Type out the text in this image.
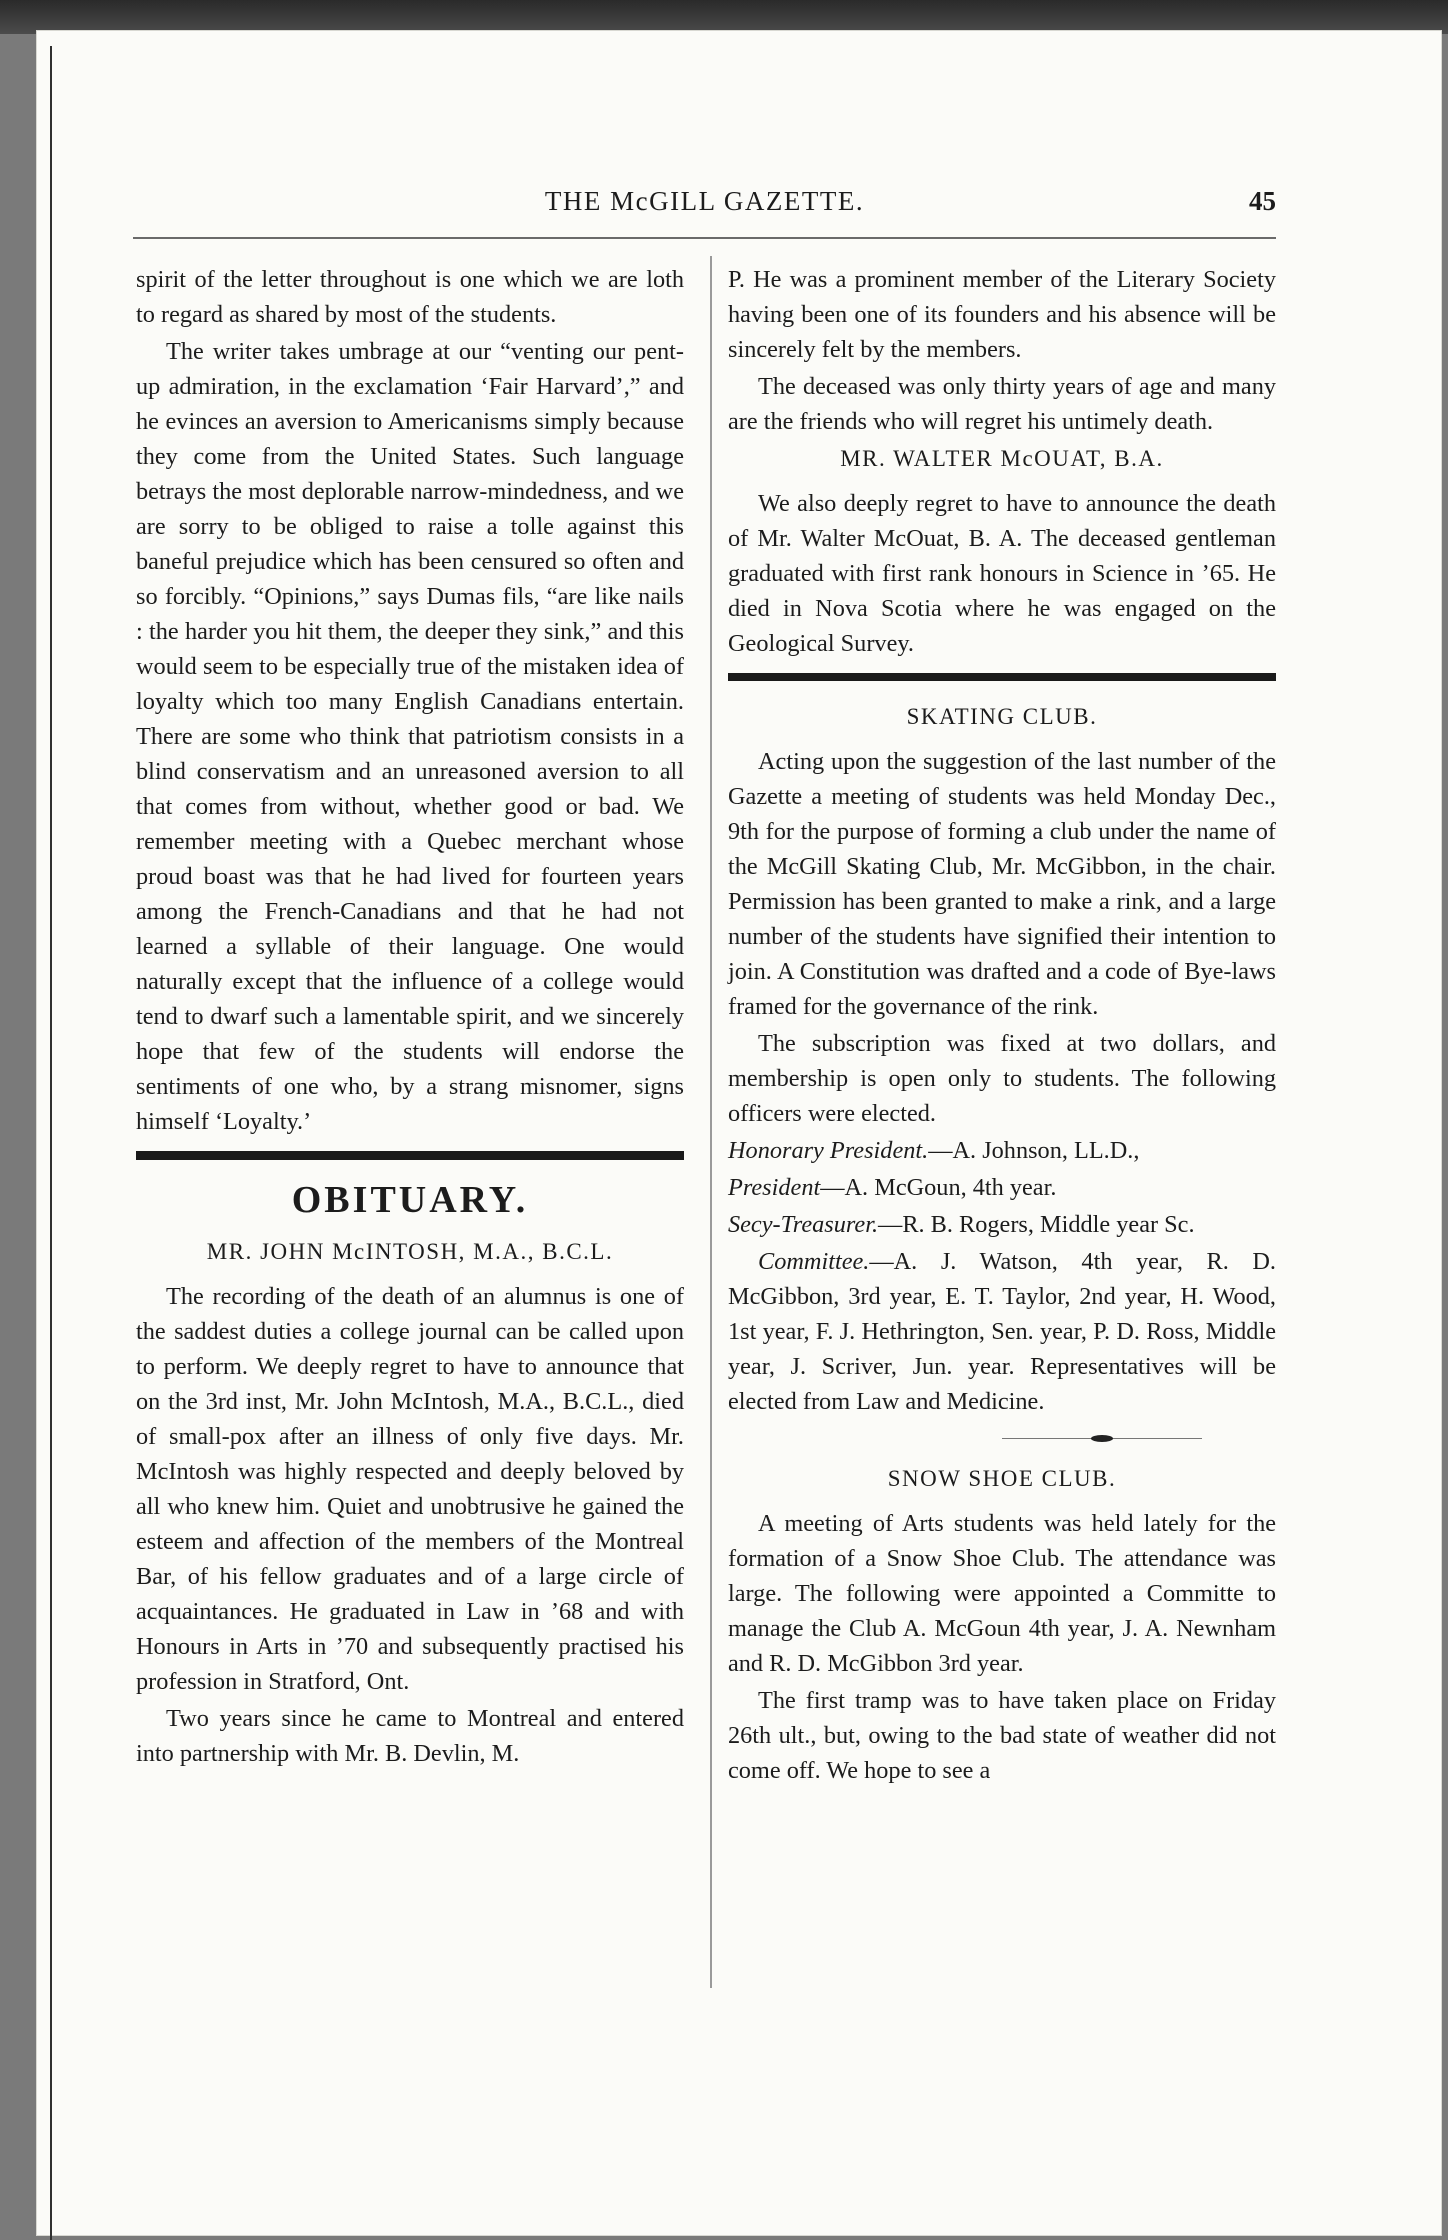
THE McGILL GAZETTE.	45

spirit of the letter throughout is one which we are loth to regard as shared by most of the students.

The writer takes umbrage at our “venting our pent-up admiration, in the exclamation ‘Fair Harvard’,” and he evinces an aversion to Americanisms simply because they come from the United States. Such language betrays the most deplorable narrow-mindedness, and we are sorry to be obliged to raise a tolle against this baneful prejudice which has been censured so often and so forcibly. “Opinions,” says Dumas fils, “are like nails : the harder you hit them, the deeper they sink,” and this would seem to be especially true of the mistaken idea of loyalty which too many English Canadians entertain. There are some who think that patriotism consists in a blind conservatism and an unreasoned aversion to all that comes from without, whether good or bad. We remember meeting with a Quebec merchant whose proud boast was that he had lived for fourteen years among the French-Canadians and that he had not learned a syllable of their language. One would naturally except that the influence of a college would tend to dwarf such a lamentable spirit, and we sincerely hope that few of the students will endorse the sentiments of one who, by a strang misnomer, signs himself ‘Loyalty.’

OBITUARY.
MR. JOHN McINTOSH, M.A., B.C.L.

The recording of the death of an alumnus is one of the saddest duties a college journal can be called upon to perform. We deeply regret to have to announce that on the 3rd inst, Mr. John McIntosh, M.A., B.C.L., died of small-pox after an illness of only five days. Mr. McIntosh was highly respected and deeply beloved by all who knew him. Quiet and unobtrusive he gained the esteem and affection of the members of the Montreal Bar, of his fellow graduates and of a large circle of acquaintances. He graduated in Law in ’68 and with Honours in Arts in ’70 and subsequently practised his profession in Stratford, Ont.

Two years since he came to Montreal and entered into partnership with Mr. B. Devlin, M.

P. He was a prominent member of the Literary Society having been one of its founders and his absence will be sincerely felt by the members.

The deceased was only thirty years of age and many are the friends who will regret his untimely death.

MR. WALTER McOUAT, B.A.

We also deeply regret to have to announce the death of Mr. Walter McOuat, B. A. The deceased gentleman graduated with first rank honours in Science in ’65. He died in Nova Scotia where he was engaged on the Geological Survey.

SKATING CLUB.

Acting upon the suggestion of the last number of the Gazette a meeting of students was held Monday Dec., 9th for the purpose of forming a club under the name of the McGill Skating Club, Mr. McGibbon, in the chair. Permission has been granted to make a rink, and a large number of the students have signified their intention to join. A Constitution was drafted and a code of Bye-laws framed for the governance of the rink.

The subscription was fixed at two dollars, and membership is open only to students. The following officers were elected.

Honorary President.—A. Johnson, LL.D.,

President—A. McGoun, 4th year.

Secy-Treasurer.—R. B. Rogers, Middle year Sc.

Committee.—A. J. Watson, 4th year, R. D. McGibbon, 3rd year, E. T. Taylor, 2nd year, H. Wood, 1st year, F. J. Hethrington, Sen. year, P. D. Ross, Middle year, J. Scriver, Jun. year. Representatives will be elected from Law and Medicine.

SNOW SHOE CLUB.

A meeting of Arts students was held lately for the formation of a Snow Shoe Club. The attendance was large. The following were appointed a Committe to manage the Club A. McGoun 4th year, J. A. Newnham and R. D. McGibbon 3rd year.

The first tramp was to have taken place on Friday 26th ult., but, owing to the bad state of weather did not come off. We hope to see a
